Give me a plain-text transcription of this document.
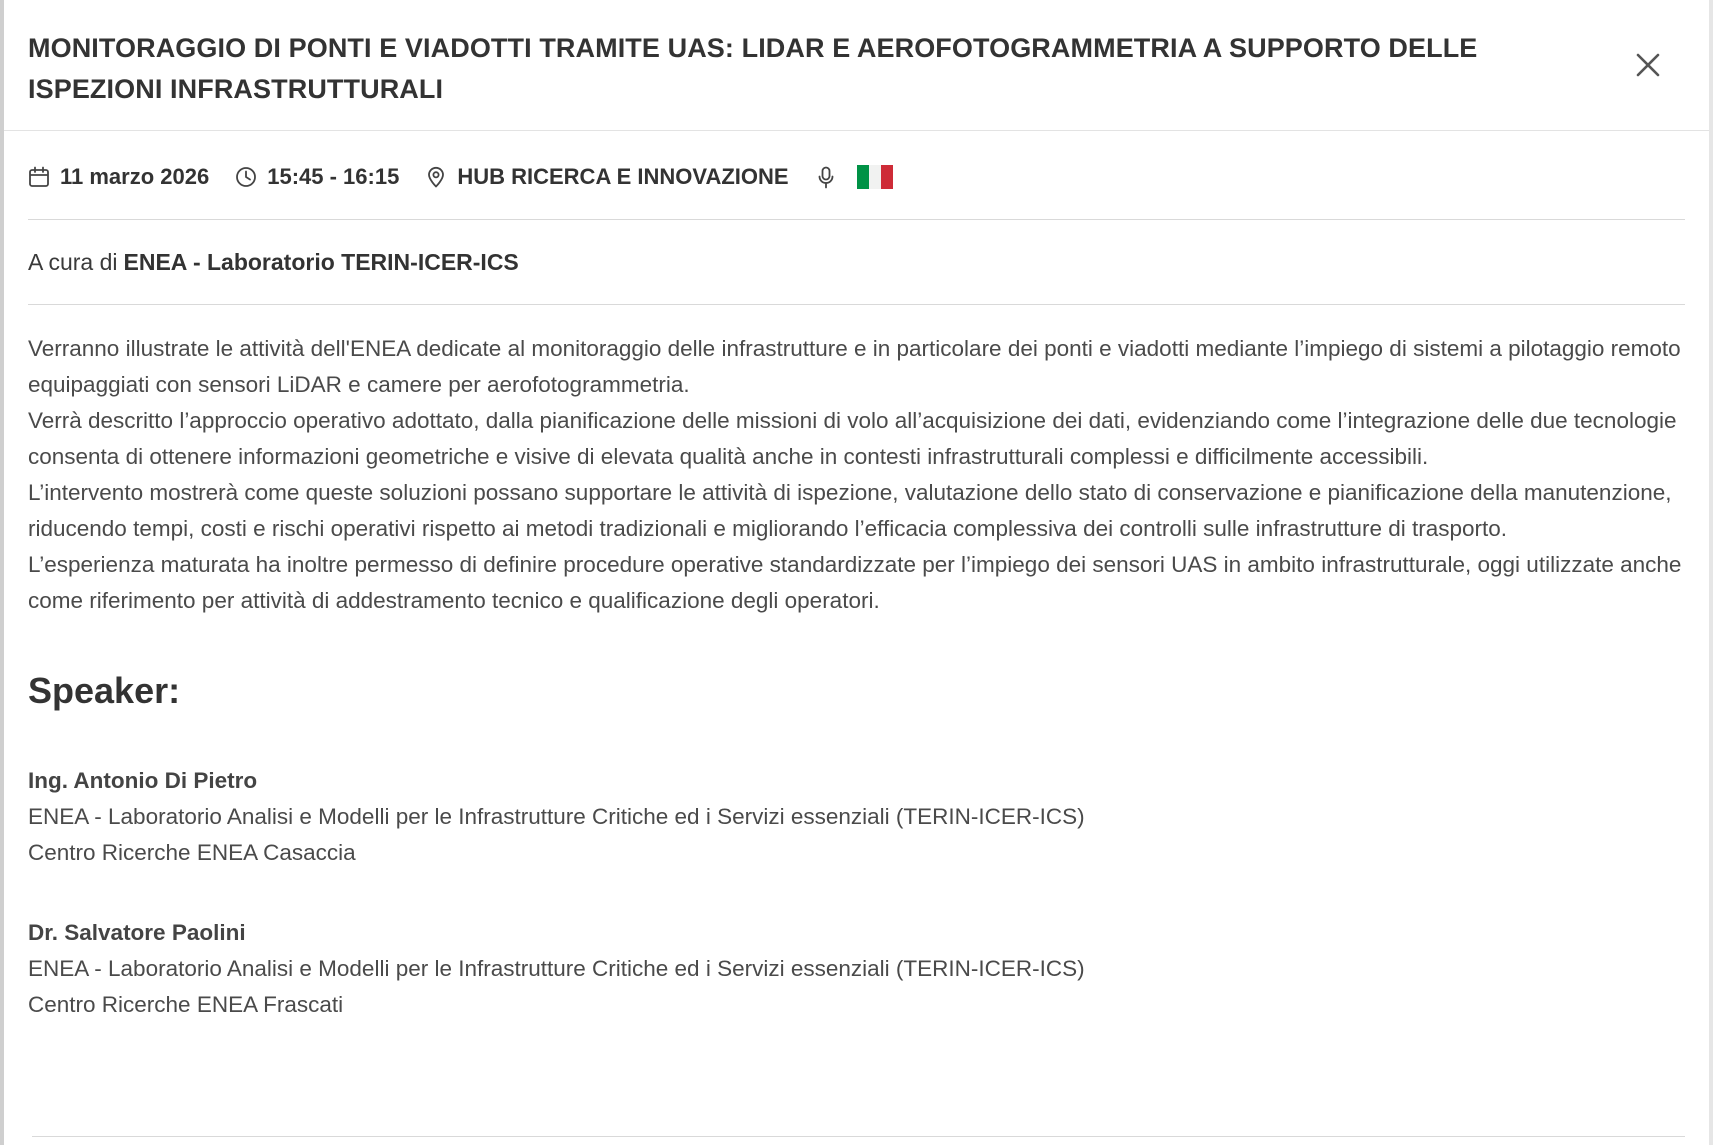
MONITORAGGIO DI PONTI E VIADOTTI TRAMITE UAS: LIDAR E AEROFOTOGRAMMETRIA A SUPPORTO DELLE ISPEZIONI INFRASTRUTTURALI
11 marzo 2026	15:45 - 16:15	HUB RICERCA E INNOVAZIONE
A cura di ENEA - Laboratorio TERIN-ICER-ICS

Verranno illustrate le attività dell'ENEA dedicate al monitoraggio delle infrastrutture e in particolare dei ponti e viadotti mediante l’impiego di sistemi a pilotaggio remoto equipaggiati con sensori LiDAR e camere per aerofotogrammetria.

Verrà descritto l’approccio operativo adottato, dalla pianificazione delle missioni di volo all’acquisizione dei dati, evidenziando come l’integrazione delle due tecnologie consenta di ottenere informazioni geometriche e visive di elevata qualità anche in contesti infrastrutturali complessi e difficilmente accessibili.

L’intervento mostrerà come queste soluzioni possano supportare le attività di ispezione, valutazione dello stato di conservazione e pianificazione della manutenzione, riducendo tempi, costi e rischi operativi rispetto ai metodi tradizionali e migliorando l’efficacia complessiva dei controlli sulle infrastrutture di trasporto.

L’esperienza maturata ha inoltre permesso di definire procedure operative standardizzate per l’impiego dei sensori UAS in ambito infrastrutturale, oggi utilizzate anche come riferimento per attività di addestramento tecnico e qualificazione degli operatori.

Speaker:
Ing. Antonio Di Pietro
ENEA - Laboratorio Analisi e Modelli per le Infrastrutture Critiche ed i Servizi essenziali (TERIN-ICER-ICS)
Centro Ricerche ENEA Casaccia
Dr. Salvatore Paolini
ENEA - Laboratorio Analisi e Modelli per le Infrastrutture Critiche ed i Servizi essenziali (TERIN-ICER-ICS)
Centro Ricerche ENEA Frascati
